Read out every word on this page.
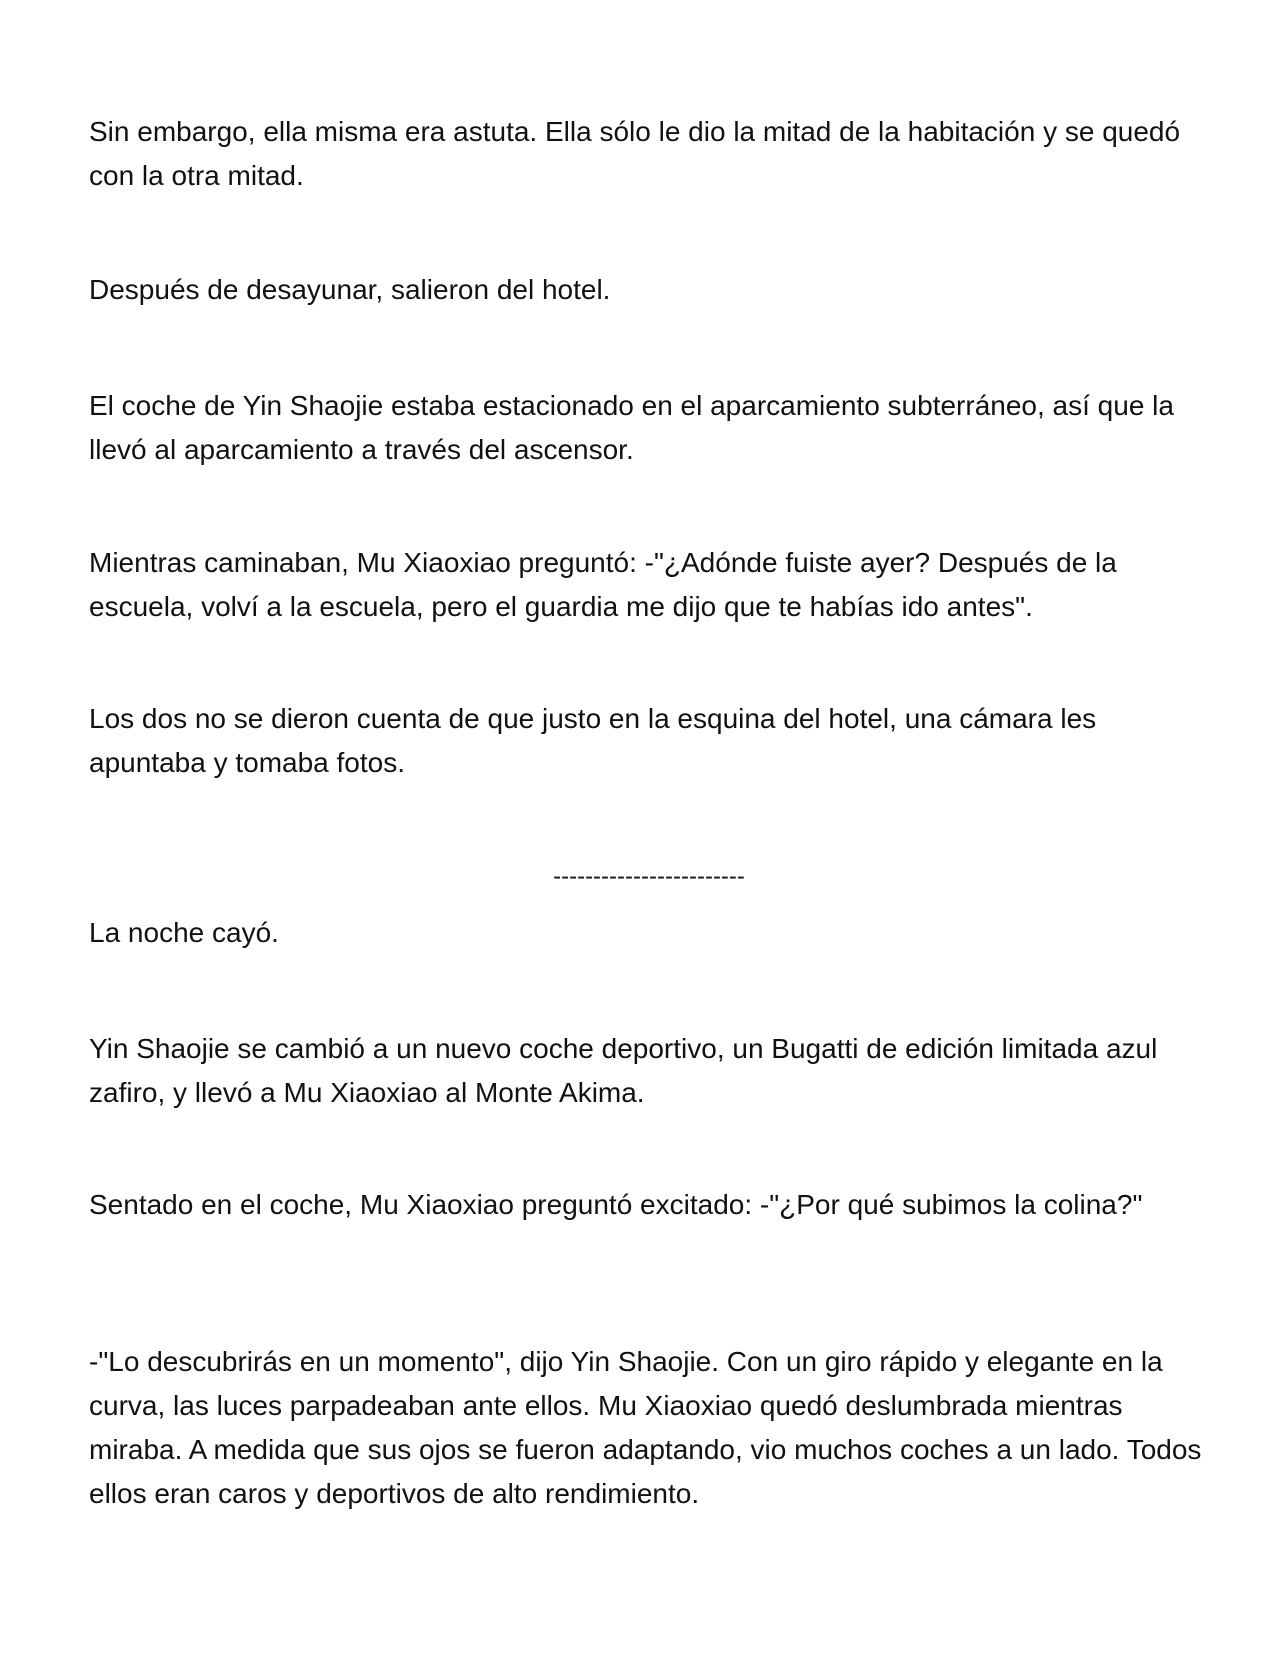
Sin embargo, ella misma era astuta. Ella sólo le dio la mitad de la habitación y se quedó con la otra mitad.

Después de desayunar, salieron del hotel.

El coche de Yin Shaojie estaba estacionado en el aparcamiento subterráneo, así que la llevó al aparcamiento a través del ascensor.

Mientras caminaban, Mu Xiaoxiao preguntó: -"¿Adónde fuiste ayer? Después de la escuela, volví a la escuela, pero el guardia me dijo que te habías ido antes".

Los dos no se dieron cuenta de que justo en la esquina del hotel, una cámara les apuntaba y tomaba fotos.

------------------------

La noche cayó.

Yin Shaojie se cambió a un nuevo coche deportivo, un Bugatti de edición limitada azul zafiro, y llevó a Mu Xiaoxiao al Monte Akima.

Sentado en el coche, Mu Xiaoxiao preguntó excitado: -"¿Por qué subimos la colina?"

-"Lo descubrirás en un momento", dijo Yin Shaojie. Con un giro rápido y elegante en la curva, las luces parpadeaban ante ellos. Mu Xiaoxiao quedó deslumbrada mientras miraba. A medida que sus ojos se fueron adaptando, vio muchos coches a un lado. Todos ellos eran caros y deportivos de alto rendimiento.
